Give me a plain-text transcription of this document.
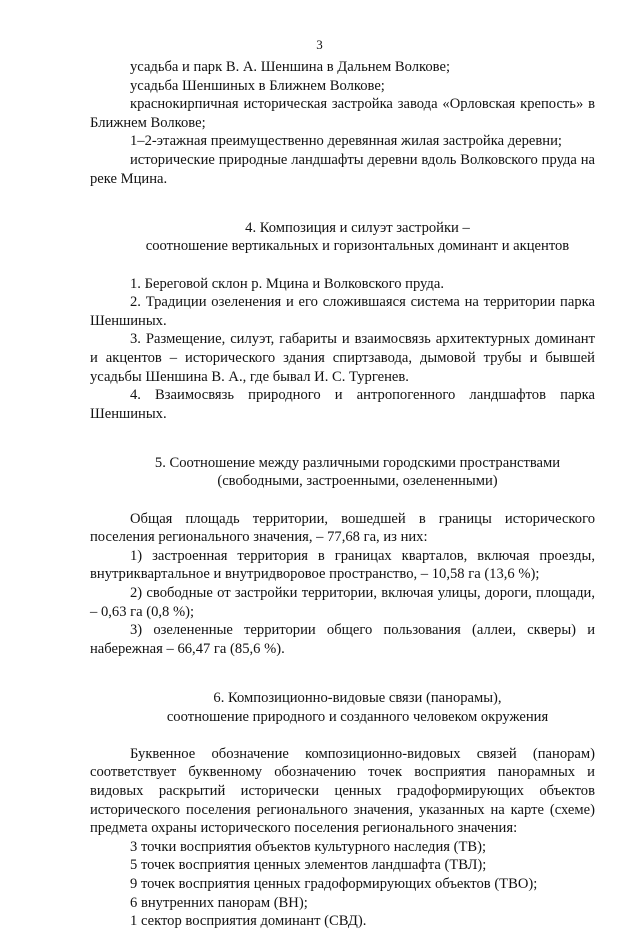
3

усадьба и парк В. А. Шеншина в Дальнем Волкове;

усадьба Шеншиных в Ближнем Волкове;

краснокирпичная историческая застройка завода «Орловская крепость» в Ближнем Волкове;

1–2-этажная преимущественно деревянная жилая застройка деревни;

исторические природные ландшафты деревни вдоль Волковского пруда на реке Мцина.

4. Композиция и силуэт застройки –

соотношение вертикальных и горизонтальных доминант и акцентов

1. Береговой склон р. Мцина и Волковского пруда.

2. Традиции озеленения и его сложившаяся система на территории парка Шеншиных.

3. Размещение, силуэт, габариты и взаимосвязь архитектурных доминант и акцентов – исторического здания спиртзавода, дымовой трубы и бывшей усадьбы Шеншина В. А., где бывал И. С. Тургенев.

4. Взаимосвязь природного и антропогенного ландшафтов парка Шеншиных.

5. Соотношение между различными городскими пространствами

(свободными, застроенными, озелененными)

Общая площадь территории, вошедшей в границы исторического поселения регионального значения, – 77,68 га, из них:

1) застроенная территория в границах кварталов, включая проезды, внутриквартальное и внутридворовое пространство, – 10,58 га (13,6 %);

2) свободные от застройки территории, включая улицы, дороги, площади, – 0,63 га (0,8 %);

3) озелененные территории общего пользования (аллеи, скверы) и набережная – 66,47 га (85,6 %).

6. Композиционно-видовые связи (панорамы),

соотношение природного и созданного человеком окружения

Буквенное обозначение композиционно-видовых связей (панорам) соответствует буквенному обозначению точек восприятия панорамных и видовых раскрытий исторически ценных градоформирующих объектов исторического поселения регионального значения, указанных на карте (схеме) предмета охраны исторического поселения регионального значения:

3 точки восприятия объектов культурного наследия (ТВ);

5 точек восприятия ценных элементов ландшафта (ТВЛ);

9 точек восприятия ценных градоформирующих объектов (ТВО);

6 внутренних панорам (ВН);

1 сектор восприятия доминант (СВД).
